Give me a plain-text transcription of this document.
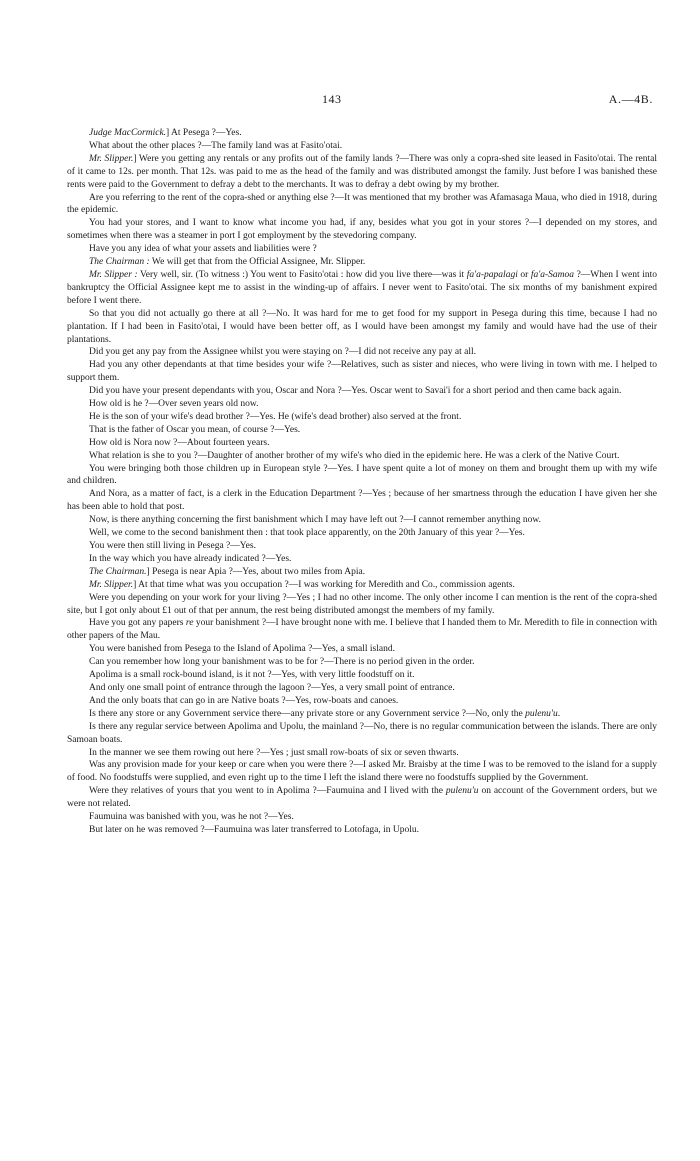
143	A.—4B.

Judge MacCormick.] At Pesega ?—Yes.

What about the other places ?—The family land was at Fasito'otai.

Mr. Slipper.] Were you getting any rentals or any profits out of the family lands ?—There was only a copra-shed site leased in Fasito'otai. The rental of it came to 12s. per month. That 12s. was paid to me as the head of the family and was distributed amongst the family. Just before I was banished these rents were paid to the Government to defray a debt to the merchants. It was to defray a debt owing by my brother.

Are you referring to the rent of the copra-shed or anything else ?—It was mentioned that my brother was Afamasaga Maua, who died in 1918, during the epidemic.

You had your stores, and I want to know what income you had, if any, besides what you got in your stores ?—I depended on my stores, and sometimes when there was a steamer in port I got employment by the stevedoring company.

Have you any idea of what your assets and liabilities were ?

The Chairman : We will get that from the Official Assignee, Mr. Slipper.

Mr. Slipper : Very well, sir. (To witness :) You went to Fasito'otai : how did you live there—was it fa'a-papalagi or fa'a-Samoa ?—When I went into bankruptcy the Official Assignee kept me to assist in the winding-up of affairs. I never went to Fasito'otai. The six months of my banishment expired before I went there.

So that you did not actually go there at all ?—No. It was hard for me to get food for my support in Pesega during this time, because I had no plantation. If I had been in Fasito'otai, I would have been better off, as I would have been amongst my family and would have had the use of their plantations.

Did you get any pay from the Assignee whilst you were staying on ?—I did not receive any pay at all.

Had you any other dependants at that time besides your wife ?—Relatives, such as sister and nieces, who were living in town with me. I helped to support them.

Did you have your present dependants with you, Oscar and Nora ?—Yes. Oscar went to Savai'i for a short period and then came back again.

How old is he ?—Over seven years old now.

He is the son of your wife's dead brother ?—Yes. He (wife's dead brother) also served at the front.

That is the father of Oscar you mean, of course ?—Yes.

How old is Nora now ?—About fourteen years.

What relation is she to you ?—Daughter of another brother of my wife's who died in the epidemic here. He was a clerk of the Native Court.

You were bringing both those children up in European style ?—Yes. I have spent quite a lot of money on them and brought them up with my wife and children.

And Nora, as a matter of fact, is a clerk in the Education Department ?—Yes ; because of her smartness through the education I have given her she has been able to hold that post.

Now, is there anything concerning the first banishment which I may have left out ?—I cannot remember anything now.

Well, we come to the second banishment then : that took place apparently, on the 20th January of this year ?—Yes.

You were then still living in Pesega ?—Yes.

In the way which you have already indicated ?—Yes.

The Chairman.] Pesega is near Apia ?—Yes, about two miles from Apia.

Mr. Slipper.] At that time what was you occupation ?—I was working for Meredith and Co., commission agents.

Were you depending on your work for your living ?—Yes ; I had no other income. The only other income I can mention is the rent of the copra-shed site, but I got only about £1 out of that per annum, the rest being distributed amongst the members of my family.

Have you got any papers re your banishment ?—I have brought none with me. I believe that I handed them to Mr. Meredith to file in connection with other papers of the Mau.

You were banished from Pesega to the Island of Apolima ?—Yes, a small island.

Can you remember how long your banishment was to be for ?—There is no period given in the order.

Apolima is a small rock-bound island, is it not ?—Yes, with very little foodstuff on it.

And only one small point of entrance through the lagoon ?—Yes, a very small point of entrance.

And the only boats that can go in are Native boats ?—Yes, row-boats and canoes.

Is there any store or any Government service there—any private store or any Government service ?—No, only the pulenu'u.

Is there any regular service between Apolima and Upolu, the mainland ?—No, there is no regular communication between the islands. There are only Samoan boats.

In the manner we see them rowing out here ?—Yes ; just small row-boats of six or seven thwarts.

Was any provision made for your keep or care when you were there ?—I asked Mr. Braisby at the time I was to be removed to the island for a supply of food. No foodstuffs were supplied, and even right up to the time I left the island there were no foodstuffs supplied by the Government.

Were they relatives of yours that you went to in Apolima ?—Faumuina and I lived with the pulenu'u on account of the Government orders, but we were not related.

Faumuina was banished with you, was he not ?—Yes.

But later on he was removed ?—Faumuina was later transferred to Lotofaga, in Upolu.
